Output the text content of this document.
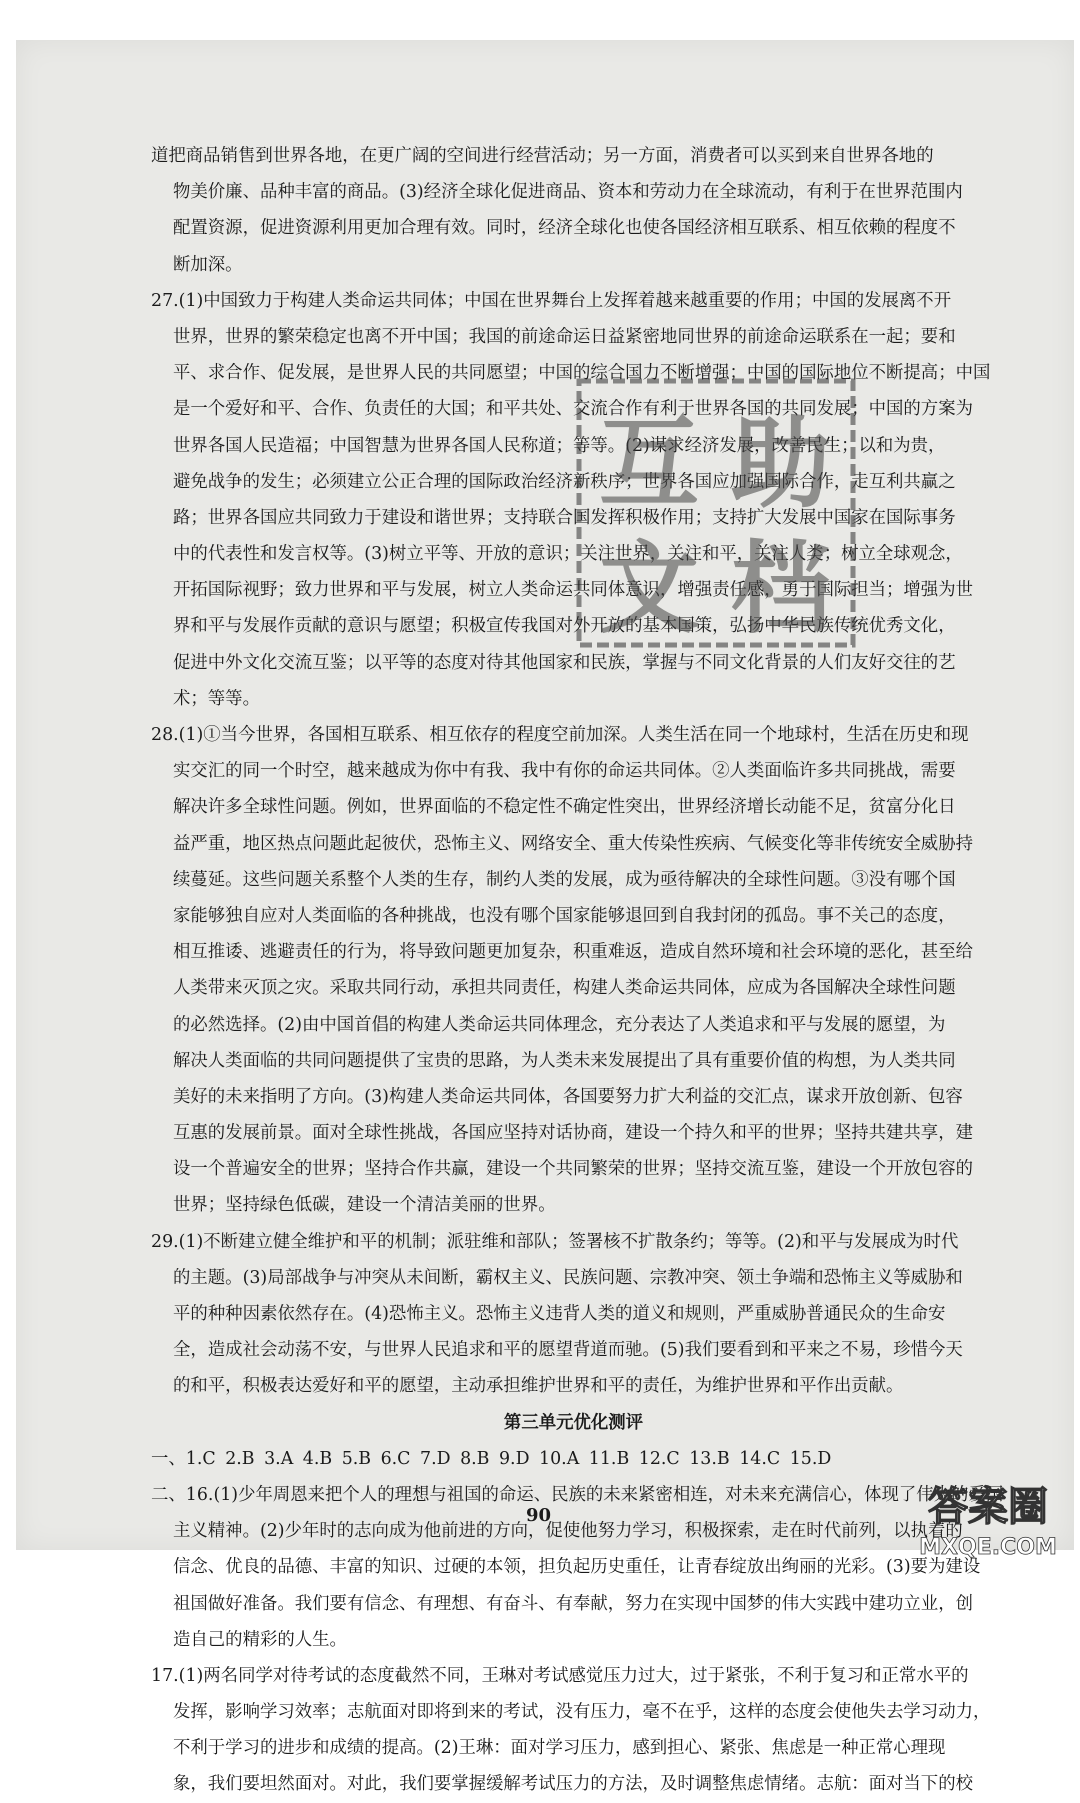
道把商品销售到世界各地，在更广阔的空间进行经营活动；另一方面，消费者可以买到来自世界各地的
物美价廉、品种丰富的商品。(3)经济全球化促进商品、资本和劳动力在全球流动，有利于在世界范围内
配置资源，促进资源利用更加合理有效。同时，经济全球化也使各国经济相互联系、相互依赖的程度不
断加深。
27.(1)中国致力于构建人类命运共同体；中国在世界舞台上发挥着越来越重要的作用；中国的发展离不开
世界，世界的繁荣稳定也离不开中国；我国的前途命运日益紧密地同世界的前途命运联系在一起；要和
平、求合作、促发展，是世界人民的共同愿望；中国的综合国力不断增强；中国的国际地位不断提高；中国
是一个爱好和平、合作、负责任的大国；和平共处、交流合作有利于世界各国的共同发展；中国的方案为
世界各国人民造福；中国智慧为世界各国人民称道；等等。(2)谋求经济发展，改善民生；以和为贵，
避免战争的发生；必须建立公正合理的国际政治经济新秩序；世界各国应加强国际合作，走互利共赢之
路；世界各国应共同致力于建设和谐世界；支持联合国发挥积极作用；支持扩大发展中国家在国际事务
中的代表性和发言权等。(3)树立平等、开放的意识；关注世界，关注和平，关注人类；树立全球观念，
开拓国际视野；致力世界和平与发展，树立人类命运共同体意识，增强责任感，勇于国际担当；增强为世
界和平与发展作贡献的意识与愿望；积极宣传我国对外开放的基本国策，弘扬中华民族传统优秀文化，
促进中外文化交流互鉴；以平等的态度对待其他国家和民族，掌握与不同文化背景的人们友好交往的艺
术；等等。
28.(1)①当今世界，各国相互联系、相互依存的程度空前加深。人类生活在同一个地球村，生活在历史和现
实交汇的同一个时空，越来越成为你中有我、我中有你的命运共同体。②人类面临许多共同挑战，需要
解决许多全球性问题。例如，世界面临的不稳定性不确定性突出，世界经济增长动能不足，贫富分化日
益严重，地区热点问题此起彼伏，恐怖主义、网络安全、重大传染性疾病、气候变化等非传统安全威胁持
续蔓延。这些问题关系整个人类的生存，制约人类的发展，成为亟待解决的全球性问题。③没有哪个国
家能够独自应对人类面临的各种挑战，也没有哪个国家能够退回到自我封闭的孤岛。事不关己的态度，
相互推诿、逃避责任的行为，将导致问题更加复杂，积重难返，造成自然环境和社会环境的恶化，甚至给
人类带来灭顶之灾。采取共同行动，承担共同责任，构建人类命运共同体，应成为各国解决全球性问题
的必然选择。(2)由中国首倡的构建人类命运共同体理念，充分表达了人类追求和平与发展的愿望，为
解决人类面临的共同问题提供了宝贵的思路，为人类未来发展提出了具有重要价值的构想，为人类共同
美好的未来指明了方向。(3)构建人类命运共同体，各国要努力扩大利益的交汇点，谋求开放创新、包容
互惠的发展前景。面对全球性挑战，各国应坚持对话协商，建设一个持久和平的世界；坚持共建共享，建
设一个普遍安全的世界；坚持合作共赢，建设一个共同繁荣的世界；坚持交流互鉴，建设一个开放包容的
世界；坚持绿色低碳，建设一个清洁美丽的世界。
29.(1)不断建立健全维护和平的机制；派驻维和部队；签署核不扩散条约；等等。(2)和平与发展成为时代
的主题。(3)局部战争与冲突从未间断，霸权主义、民族问题、宗教冲突、领土争端和恐怖主义等威胁和
平的种种因素依然存在。(4)恐怖主义。恐怖主义违背人类的道义和规则，严重威胁普通民众的生命安
全，造成社会动荡不安，与世界人民追求和平的愿望背道而驰。(5)我们要看到和平来之不易，珍惜今天
的和平，积极表达爱好和平的愿望，主动承担维护世界和平的责任，为维护世界和平作出贡献。
第三单元优化测评
一、1.C 2.B 3.A 4.B 5.B 6.C 7.D 8.B 9.D 10.A 11.B 12.C 13.B 14.C 15.D
二、16.(1)少年周恩来把个人的理想与祖国的命运、民族的未来紧密相连，对未来充满信心，体现了伟大的爱国
主义精神。(2)少年时的志向成为他前进的方向，促使他努力学习，积极探索，走在时代前列，以执着的
信念、优良的品德、丰富的知识、过硬的本领，担负起历史重任，让青春绽放出绚丽的光彩。(3)要为建设
祖国做好准备。我们要有信念、有理想、有奋斗、有奉献，努力在实现中国梦的伟大实践中建功立业，创
造自己的精彩的人生。
17.(1)两名同学对待考试的态度截然不同，王琳对考试感觉压力过大，过于紧张，不利于复习和正常水平的
发挥，影响学习效率；志航面对即将到来的考试，没有压力，毫不在乎，这样的态度会使他失去学习动力，
不利于学习的进步和成绩的提高。(2)王琳：面对学习压力，感到担心、紧张、焦虑是一种正常心理现
象，我们要坦然面对。对此，我们要掌握缓解考试压力的方法，及时调整焦虑情绪。志航：面对当下的校
90
互 助
文 档
答案圈
MXQE.COM
